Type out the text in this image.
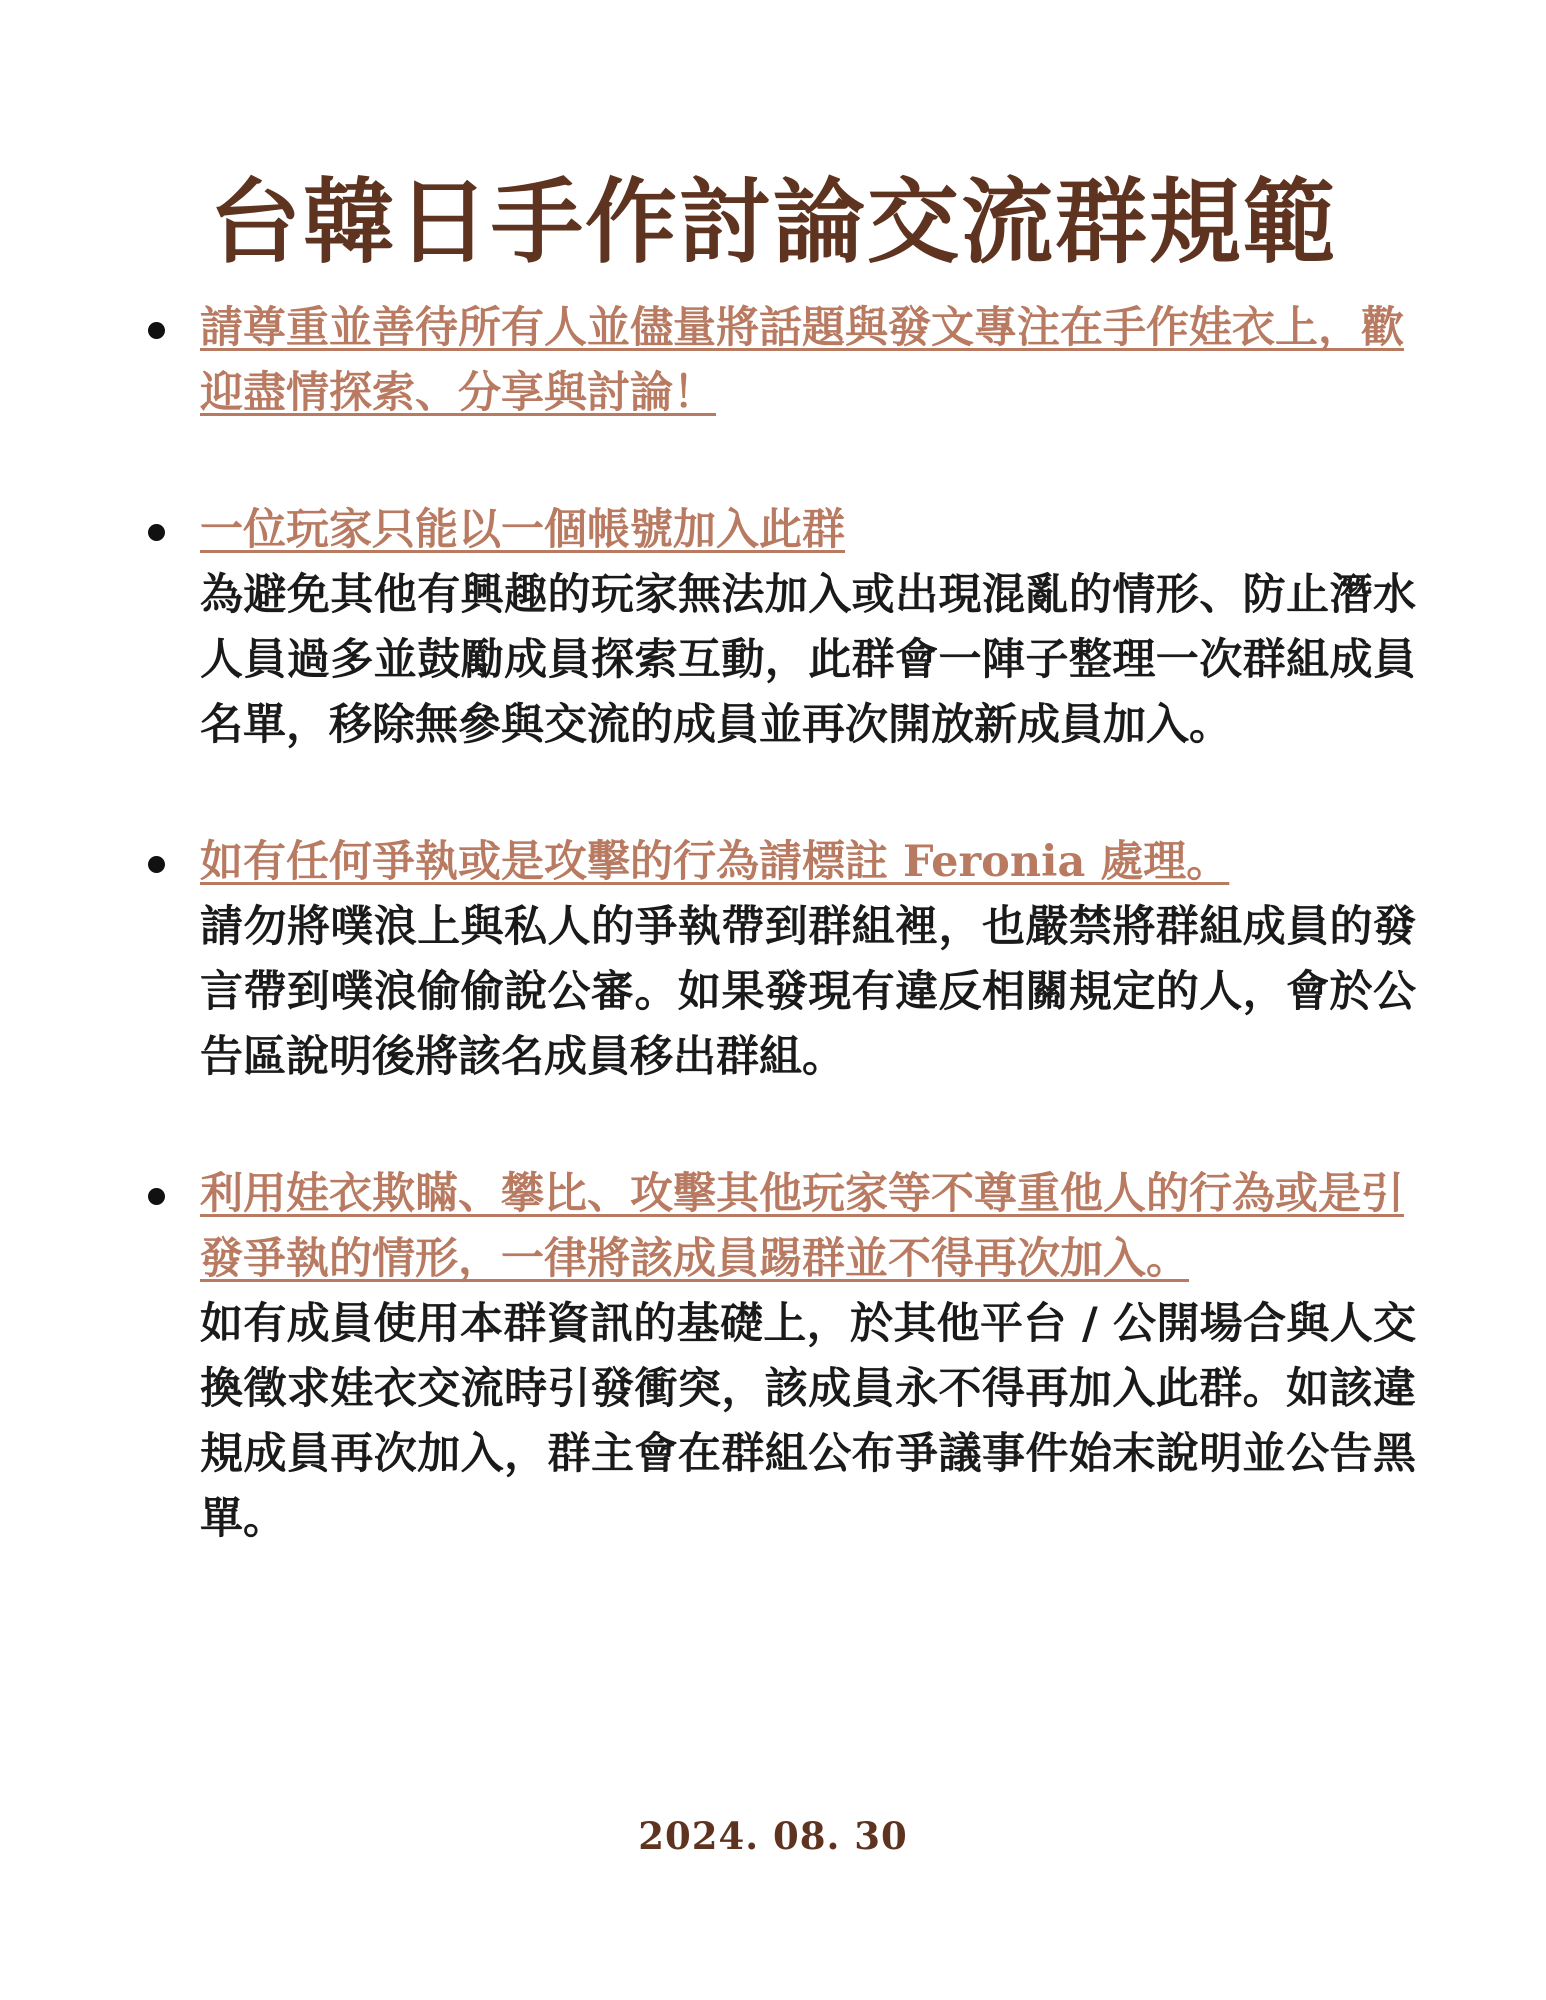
台韓日手作討論交流群規範
請尊重並善待所有人並儘量將話題與發文專注在手作娃衣上，歡迎盡情探索、分享與討論！
一位玩家只能以一個帳號加入此群
為避免其他有興趣的玩家無法加入或出現混亂的情形、防止潛水人員過多並鼓勵成員探索互動，此群會一陣子整理一次群組成員名單，移除無參與交流的成員並再次開放新成員加入。
如有任何爭執或是攻擊的行為請標註 Feronia 處理。
請勿將噗浪上與私人的爭執帶到群組裡，也嚴禁將群組成員的發言帶到噗浪偷偷說公審。如果發現有違反相關規定的人，會於公告區說明後將該名成員移出群組。
利用娃衣欺瞞、攀比、攻擊其他玩家等不尊重他人的行為或是引發爭執的情形，一律將該成員踢群並不得再次加入。
如有成員使用本群資訊的基礎上，於其他平台 / 公開場合與人交換徵求娃衣交流時引發衝突，該成員永不得再加入此群。如該違規成員再次加入，群主會在群組公布爭議事件始末說明並公告黑單。
2024. 08. 30
